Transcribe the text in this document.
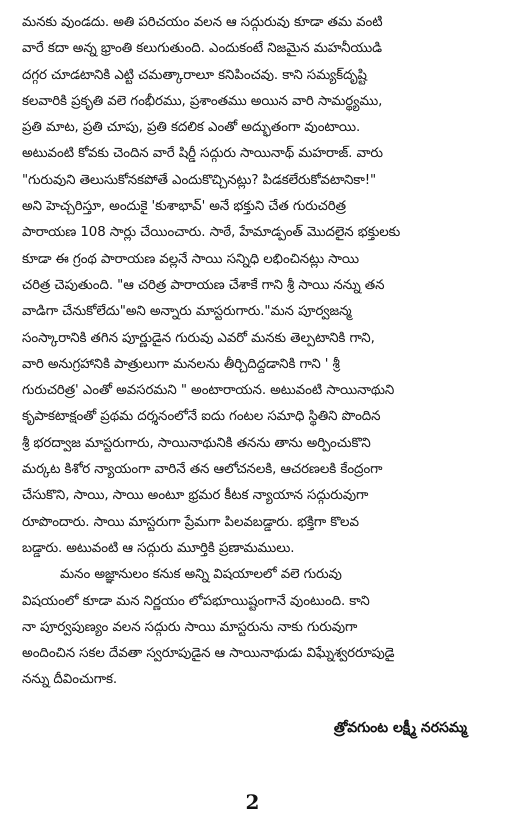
మనకు వుండదు. అతి పరిచయం వలన ఆ సద్గురువు కూడా తమ వంటి
వారే కదా అన్న భ్రాంతి కలుగుతుంది. ఎందుకంటే నిజమైన మహనీయుడి
దగ్గర చూడటానికి ఎట్టి చమత్కారాలూ కనిపించవు. కాని సమ్యక్‌దృష్టి
కలవారికి ప్రకృతి వలె గంభీరము, ప్రశాంతము అయిన వారి సామర్థ్యము,
ప్రతి మాట, ప్రతి చూపు, ప్రతి కదలిక ఎంతో అద్భుతంగా వుంటాయి.
అటువంటి కోవకు చెందిన వారే షిర్డీ సద్గురు సాయినాథ్ మహరాజ్. వారు
"గురువుని తెలుసుకోనకపోతే ఎందుకొచ్చినట్లు? పిడకలేరుకోవటానికా!"
అని హెచ్చరిస్తూ, అందుకై 'కుశాభావ్' అనే భక్తుని చేత గురుచరిత్ర
పారాయణ 108 సార్లు చేయించారు. సాఠే, హేమాడ్పంత్ మొదలైన భక్తులకు
కూడా ఈ గ్రంథ పారాయణ వల్లనే సాయి సన్నిధి లభించినట్లు సాయి
చరిత్ర చెపుతుంది. "ఆ చరిత్ర పారాయణ చేశాకే గాని శ్రీ సాయి నన్ను తన
వాడిగా చేనుకోలేదు"అని అన్నారు మాస్టరుగారు."మన పూర్వజన్మ
సంస్కారానికి తగిన పూర్ణుడైన గురువు ఎవరో మనకు తెల్పటానికి గాని,
వారి అనుగ్రహానికి పాత్రులుగా మనలను తీర్చిదిద్దడానికి గాని ' శ్రీ
గురుచరిత్ర' ఎంతో అవసరమని " అంటారాయన. అటువంటి సాయినాథుని
కృపాకటాక్షంతో ప్రథమ దర్శనంలోనే ఐదు గంటల సమాధి స్థితిని పొందిన
శ్రీ భరద్వాజ మాస్టరుగారు, సాయినాథునికి తనను తాను అర్పించుకొని
మర్కట కిశోర న్యాయంగా వారినే తన ఆలోచనలకి, ఆచరణలకి కేంద్రంగా
చేసుకొని, సాయి, సాయి అంటూ భ్రమర కీటక న్యాయాన సద్గురువుగా
రూపొందారు. సాయి మాస్టరుగా ప్రేమగా పిలవబడ్డారు. భక్తిగా కొలవ
బడ్డారు. అటువంటి ఆ సద్గురు మూర్తికి ప్రణామములు.
మనం అజ్ఞానులం కనుక అన్ని విషయాలలో వలె గురువు
విషయంలో కూడా మన నిర్ణయం లోపభూయిష్టంగానే వుంటుంది. కాని
నా పూర్వపుణ్యం వలన సద్గురు సాయి మాస్టరును నాకు గురువుగా
అందించిన సకల దేవతా స్వరూపుడైన ఆ సాయినాథుడు విఘ్నేశ్వరరూపుడై
నన్ను దీవించుగాక.
త్రోవగుంట లక్ష్మీ నరసమ్మ
2
